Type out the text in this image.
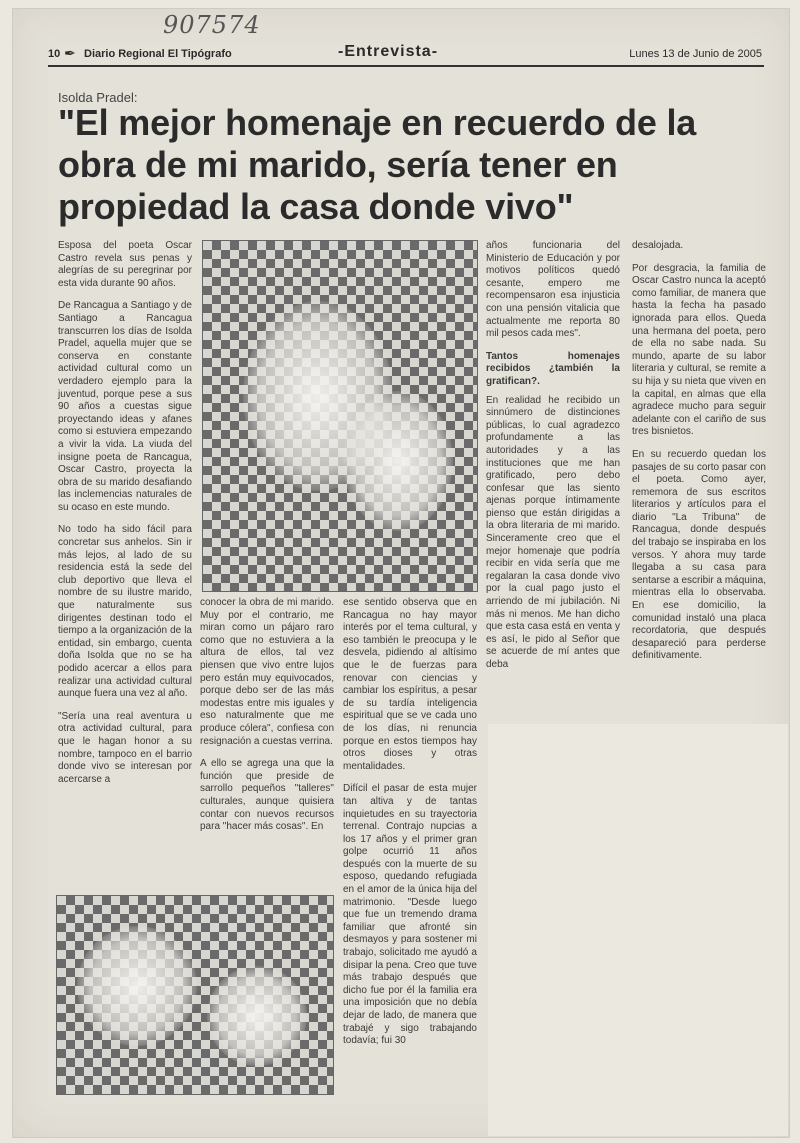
907574
10 ✒ Diario Regional El Tipógrafo	-Entrevista-	Lunes 13 de Junio de 2005
Isolda Pradel:
"El mejor homenaje en recuerdo de la obra de mi marido, sería tener en propiedad la casa donde vivo"

Esposa del poeta Oscar Castro revela sus penas y alegrías de su peregrinar por esta vida durante 90 años.

De Rancagua a Santiago y de Santiago a Rancagua transcurren los días de Isolda Pradel, aquella mujer que se conserva en constante actividad cultural como un verdadero ejemplo para la juventud, porque pese a sus 90 años a cuestas sigue proyectando ideas y afanes como si estuviera empezando a vivir la vida. La viuda del insigne poeta de Rancagua, Oscar Castro, proyecta la obra de su marido desafiando las inclemencias naturales de su ocaso en este mundo.

No todo ha sido fácil para concretar sus anhelos. Sin ir más lejos, al lado de su residencia está la sede del club deportivo que lleva el nombre de su ilustre marido, que naturalmente sus dirigentes destinan todo el tiempo a la organización de la entidad, sin embargo, cuenta doña Isolda que no se ha podido acercar a ellos para realizar una actividad cultural aunque fuera una vez al año.

"Sería una real aventura u otra actividad cultural, para que le hagan honor a su nombre, tampoco en el barrio donde vivo se interesan por acercarse a

conocer la obra de mi marido. Muy por el contrario, me miran como un pájaro raro como que no estuviera a la altura de ellos, tal vez piensen que vivo entre lujos pero están muy equivocados, porque debo ser de las más modestas entre mis iguales y eso naturalmente que me produce cólera", confiesa con resignación a cuestas verrina.

A ello se agrega una que la función que preside de sarrollo pequeños "talleres" culturales, aunque quisiera contar con nuevos recursos para "hacer más cosas". En

años funcionaria del Ministerio de Educación y por motivos políticos quedó cesante, empero me recompensaron esa injusticia con una pensión vitalicia que actualmente me reporta 80 mil pesos cada mes".

Tantos homenajes recibidos ¿también la gratifican?.

En realidad he recibido un sinnúmero de distinciones públicas, lo cual agradezco profundamente a las autoridades y a las instituciones que me han gratificado, pero debo confesar que las siento ajenas porque íntimamente pienso que están dirigidas a la obra literaria de mi marido. Sinceramente creo que el mejor homenaje que podría recibir en vida sería que me regalaran la casa donde vivo por la cual pago justo el arriendo de mi jubilación. Ni más ni menos. Me han dicho que esta casa está en venta y es así, le pido al Señor que se acuerde de mí antes que deba

ese sentido observa que en Rancagua no hay mayor interés por el tema cultural, y eso también le preocupa y le desvela, pidiendo al altísimo que le de fuerzas para renovar con ciencias y cambiar los espíritus, a pesar de su tardía inteligencia espiritual que se ve cada uno de los días, ni renuncia porque en estos tiempos hay otros dioses y otras mentalidades.

Difícil el pasar de esta mujer tan altiva y de tantas inquietudes en su trayectoria terrenal. Contrajo nupcias a los 17 años y el primer gran golpe ocurrió 11 años después con la muerte de su esposo, quedando refugiada en el amor de la única hija del matrimonio. "Desde luego que fue un tremendo drama familiar que afronté sin desmayos y para sostener mi trabajo, solicitado me ayudó a disipar la pena. Creo que tuve más trabajo después que dicho fue por él la familia era una imposición que no debía dejar de lado, de manera que trabajé y sigo trabajando todavía; fui 30

desalojada.

Por desgracia, la familia de Oscar Castro nunca la aceptó como familiar, de manera que hasta la fecha ha pasado ignorada para ellos. Queda una hermana del poeta, pero de ella no sabe nada. Su mundo, aparte de su labor literaria y cultural, se remite a su hija y su nieta que viven en la capital, en almas que ella agradece mucho para seguir adelante con el cariño de sus tres bisnietos.

En su recuerdo quedan los pasajes de su corto pasar con el poeta. Como ayer, rememora de sus escritos literarios y artículos para el diario "La Tribuna" de Rancagua, donde después del trabajo se inspiraba en los versos. Y ahora muy tarde llegaba a su casa para sentarse a escribir a máquina, mientras ella lo observaba. En ese domicilio, la comunidad instaló una placa recordatoria, que después desapareció para perderse definitivamente.
